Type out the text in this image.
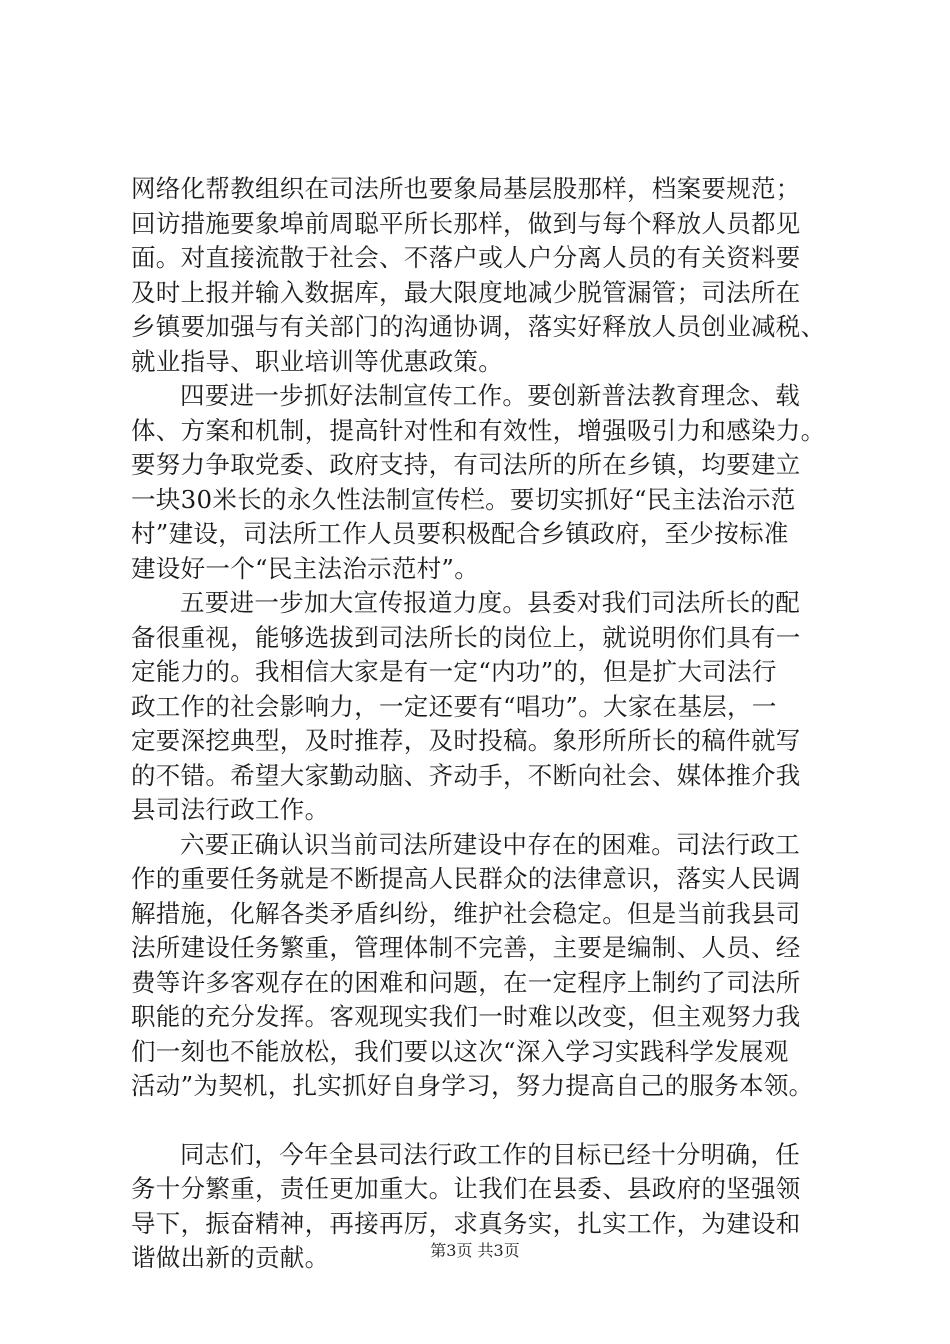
网络化帮教组织在司法所也要象局基层股那样，档案要规范；
回访措施要象埠前周聪平所长那样，做到与每个释放人员都见
面。对直接流散于社会、不落户或人户分离人员的有关资料要
及时上报并输入数据库，最大限度地减少脱管漏管；司法所在
乡镇要加强与有关部门的沟通协调，落实好释放人员创业减税、
就业指导、职业培训等优惠政策。
四要进一步抓好法制宣传工作。要创新普法教育理念、载
体、方案和机制，提高针对性和有效性，增强吸引力和感染力。
要努力争取党委、政府支持，有司法所的所在乡镇，均要建立
一块30米长的永久性法制宣传栏。要切实抓好“民主法治示范
村”建设，司法所工作人员要积极配合乡镇政府，至少按标准
建设好一个“民主法治示范村”。
五要进一步加大宣传报道力度。县委对我们司法所长的配
备很重视，能够选拔到司法所长的岗位上，就说明你们具有一
定能力的。我相信大家是有一定“内功”的，但是扩大司法行
政工作的社会影响力，一定还要有“唱功”。大家在基层，一
定要深挖典型，及时推荐，及时投稿。象形所所长的稿件就写
的不错。希望大家勤动脑、齐动手，不断向社会、媒体推介我
县司法行政工作。
六要正确认识当前司法所建设中存在的困难。司法行政工
作的重要任务就是不断提高人民群众的法律意识，落实人民调
解措施，化解各类矛盾纠纷，维护社会稳定。但是当前我县司
法所建设任务繁重，管理体制不完善，主要是编制、人员、经
费等许多客观存在的困难和问题，在一定程序上制约了司法所
职能的充分发挥。客观现实我们一时难以改变，但主观努力我
们一刻也不能放松，我们要以这次“深入学习实践科学发展观
活动”为契机，扎实抓好自身学习，努力提高自己的服务本领。
同志们，今年全县司法行政工作的目标已经十分明确，任
务十分繁重，责任更加重大。让我们在县委、县政府的坚强领
导下，振奋精神，再接再厉，求真务实，扎实工作，为建设和
谐做出新的贡献。	第3页 共3页
